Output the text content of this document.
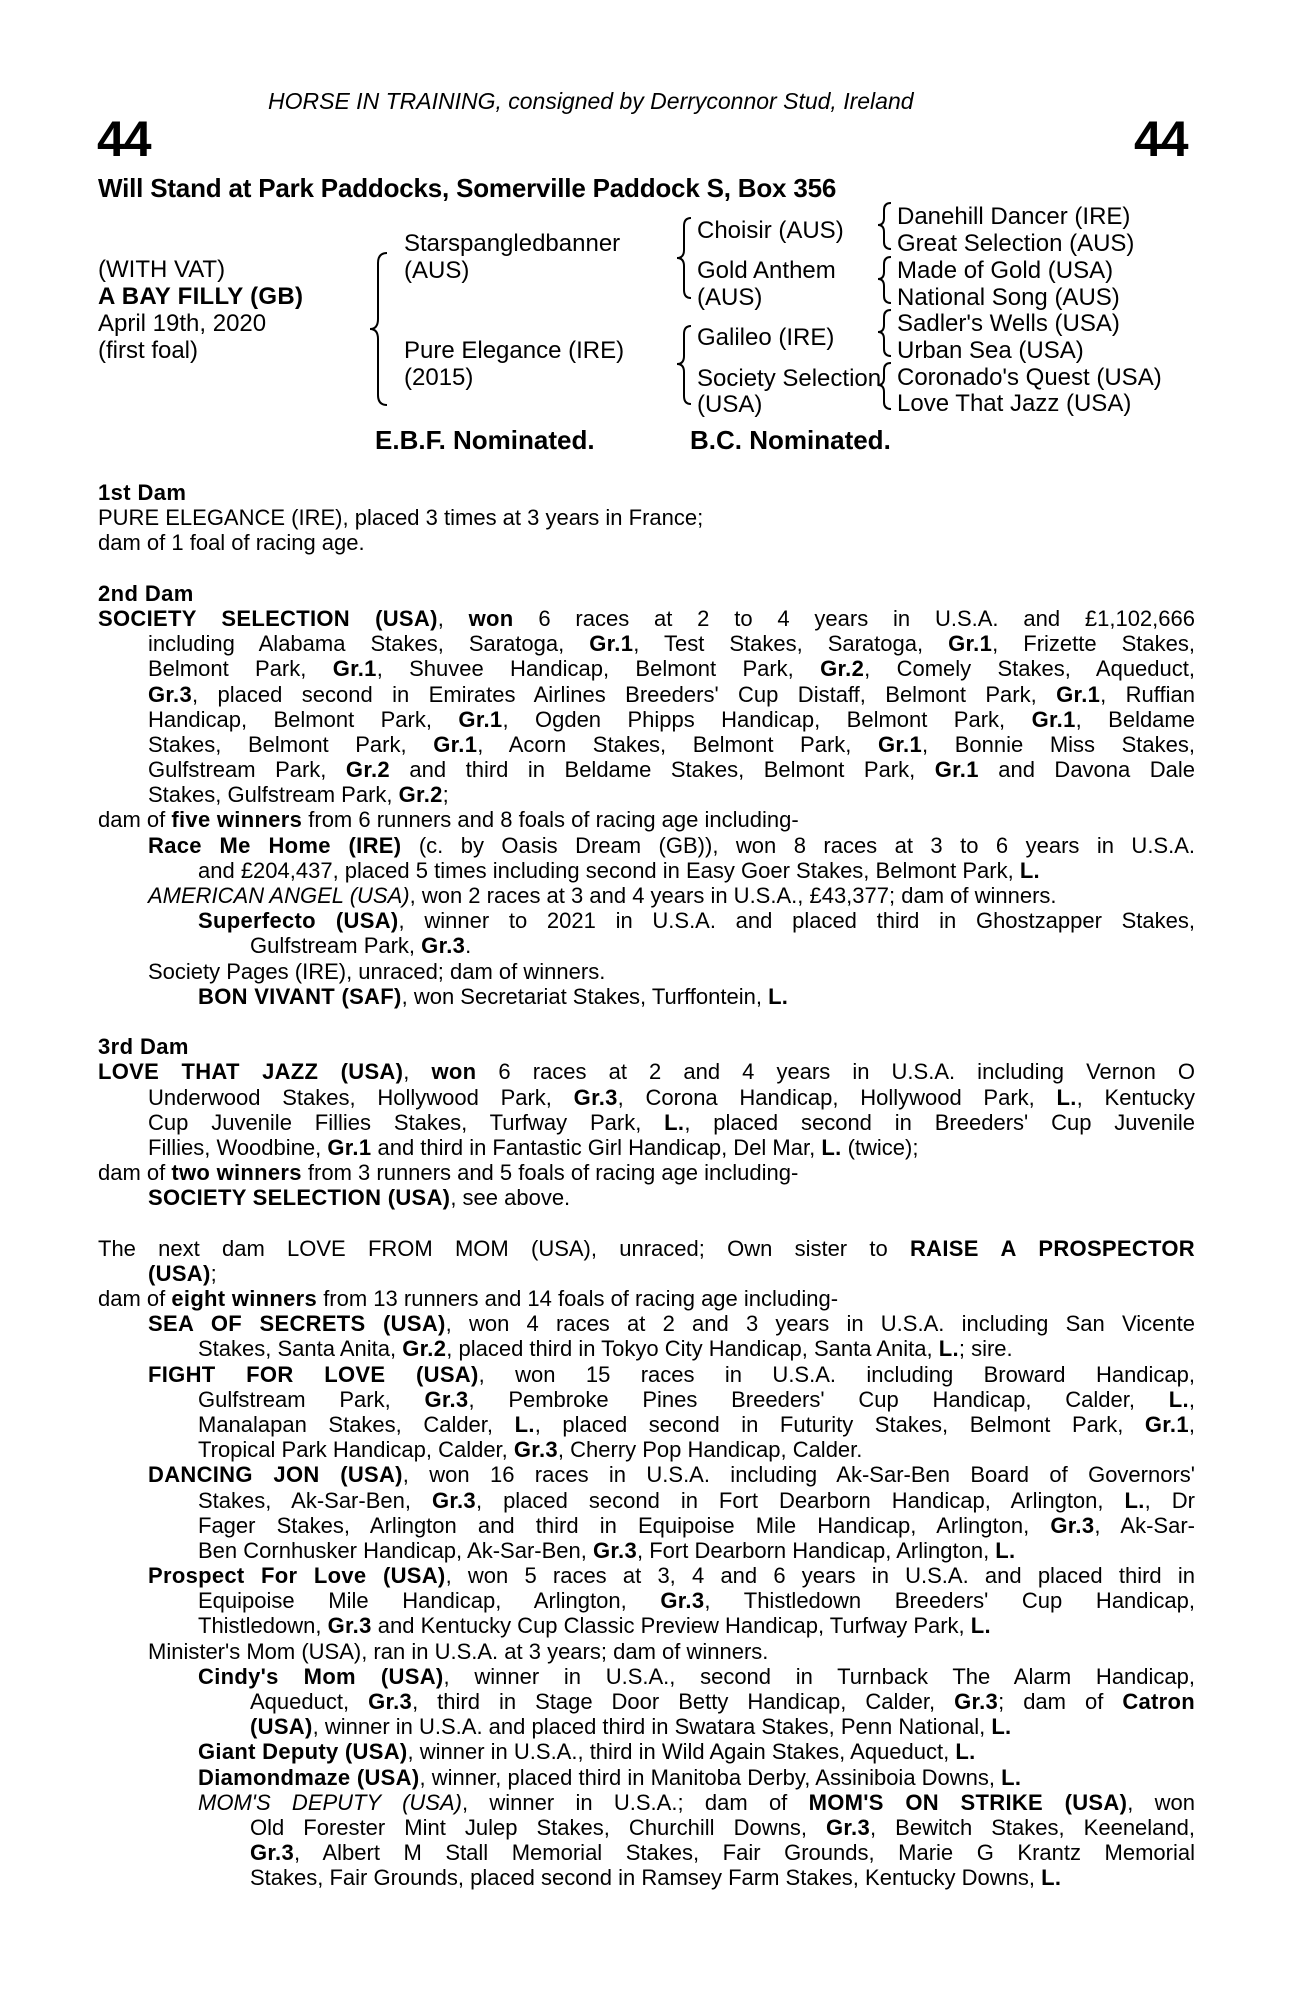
HORSE IN TRAINING, consigned by Derryconnor Stud, Ireland
44	44
Will Stand at Park Paddocks, Somerville Paddock S, Box 356
(WITH VAT)
A BAY FILLY (GB)
April 19th, 2020
(first foal)
Starspangledbanner
(AUS)
Pure Elegance (IRE)
(2015)
Choisir (AUS)
Gold Anthem
(AUS)
Galileo (IRE)
Society Selection
(USA)
Danehill Dancer (IRE)
Great Selection (AUS)
Made of Gold (USA)
National Song (AUS)
Sadler's Wells (USA)
Urban Sea (USA)
Coronado's Quest (USA)
Love That Jazz (USA)
E.B.F. Nominated.	B.C. Nominated.
1st Dam
PURE ELEGANCE (IRE), placed 3 times at 3 years in France;
dam of 1 foal of racing age.
2nd Dam
SOCIETY SELECTION (USA), won 6 races at 2 to 4 years in U.S.A. and £1,102,666
including Alabama Stakes, Saratoga, Gr.1, Test Stakes, Saratoga, Gr.1, Frizette Stakes,
Belmont Park, Gr.1, Shuvee Handicap, Belmont Park, Gr.2, Comely Stakes, Aqueduct,
Gr.3, placed second in Emirates Airlines Breeders' Cup Distaff, Belmont Park, Gr.1, Ruffian
Handicap, Belmont Park, Gr.1, Ogden Phipps Handicap, Belmont Park, Gr.1, Beldame
Stakes, Belmont Park, Gr.1, Acorn Stakes, Belmont Park, Gr.1, Bonnie Miss Stakes,
Gulfstream Park, Gr.2 and third in Beldame Stakes, Belmont Park, Gr.1 and Davona Dale
Stakes, Gulfstream Park, Gr.2;
dam of five winners from 6 runners and 8 foals of racing age including-
Race Me Home (IRE) (c. by Oasis Dream (GB)), won 8 races at 3 to 6 years in U.S.A.
and £204,437, placed 5 times including second in Easy Goer Stakes, Belmont Park, L.
AMERICAN ANGEL (USA), won 2 races at 3 and 4 years in U.S.A., £43,377; dam of winners.
Superfecto (USA), winner to 2021 in U.S.A. and placed third in Ghostzapper Stakes,
Gulfstream Park, Gr.3.
Society Pages (IRE), unraced; dam of winners.
BON VIVANT (SAF), won Secretariat Stakes, Turffontein, L.
3rd Dam
LOVE THAT JAZZ (USA), won 6 races at 2 and 4 years in U.S.A. including Vernon O
Underwood Stakes, Hollywood Park, Gr.3, Corona Handicap, Hollywood Park, L., Kentucky
Cup Juvenile Fillies Stakes, Turfway Park, L., placed second in Breeders' Cup Juvenile
Fillies, Woodbine, Gr.1 and third in Fantastic Girl Handicap, Del Mar, L. (twice);
dam of two winners from 3 runners and 5 foals of racing age including-
SOCIETY SELECTION (USA), see above.
The next dam LOVE FROM MOM (USA), unraced; Own sister to RAISE A PROSPECTOR
(USA);
dam of eight winners from 13 runners and 14 foals of racing age including-
SEA OF SECRETS (USA), won 4 races at 2 and 3 years in U.S.A. including San Vicente
Stakes, Santa Anita, Gr.2, placed third in Tokyo City Handicap, Santa Anita, L.; sire.
FIGHT FOR LOVE (USA), won 15 races in U.S.A. including Broward Handicap,
Gulfstream Park, Gr.3, Pembroke Pines Breeders' Cup Handicap, Calder, L.,
Manalapan Stakes, Calder, L., placed second in Futurity Stakes, Belmont Park, Gr.1,
Tropical Park Handicap, Calder, Gr.3, Cherry Pop Handicap, Calder.
DANCING JON (USA), won 16 races in U.S.A. including Ak-Sar-Ben Board of Governors'
Stakes, Ak-Sar-Ben, Gr.3, placed second in Fort Dearborn Handicap, Arlington, L., Dr
Fager Stakes, Arlington and third in Equipoise Mile Handicap, Arlington, Gr.3, Ak-Sar-
Ben Cornhusker Handicap, Ak-Sar-Ben, Gr.3, Fort Dearborn Handicap, Arlington, L.
Prospect For Love (USA), won 5 races at 3, 4 and 6 years in U.S.A. and placed third in
Equipoise Mile Handicap, Arlington, Gr.3, Thistledown Breeders' Cup Handicap,
Thistledown, Gr.3 and Kentucky Cup Classic Preview Handicap, Turfway Park, L.
Minister's Mom (USA), ran in U.S.A. at 3 years; dam of winners.
Cindy's Mom (USA), winner in U.S.A., second in Turnback The Alarm Handicap,
Aqueduct, Gr.3, third in Stage Door Betty Handicap, Calder, Gr.3; dam of Catron
(USA), winner in U.S.A. and placed third in Swatara Stakes, Penn National, L.
Giant Deputy (USA), winner in U.S.A., third in Wild Again Stakes, Aqueduct, L.
Diamondmaze (USA), winner, placed third in Manitoba Derby, Assiniboia Downs, L.
MOM'S DEPUTY (USA), winner in U.S.A.; dam of MOM'S ON STRIKE (USA), won
Old Forester Mint Julep Stakes, Churchill Downs, Gr.3, Bewitch Stakes, Keeneland,
Gr.3, Albert M Stall Memorial Stakes, Fair Grounds, Marie G Krantz Memorial
Stakes, Fair Grounds, placed second in Ramsey Farm Stakes, Kentucky Downs, L.
